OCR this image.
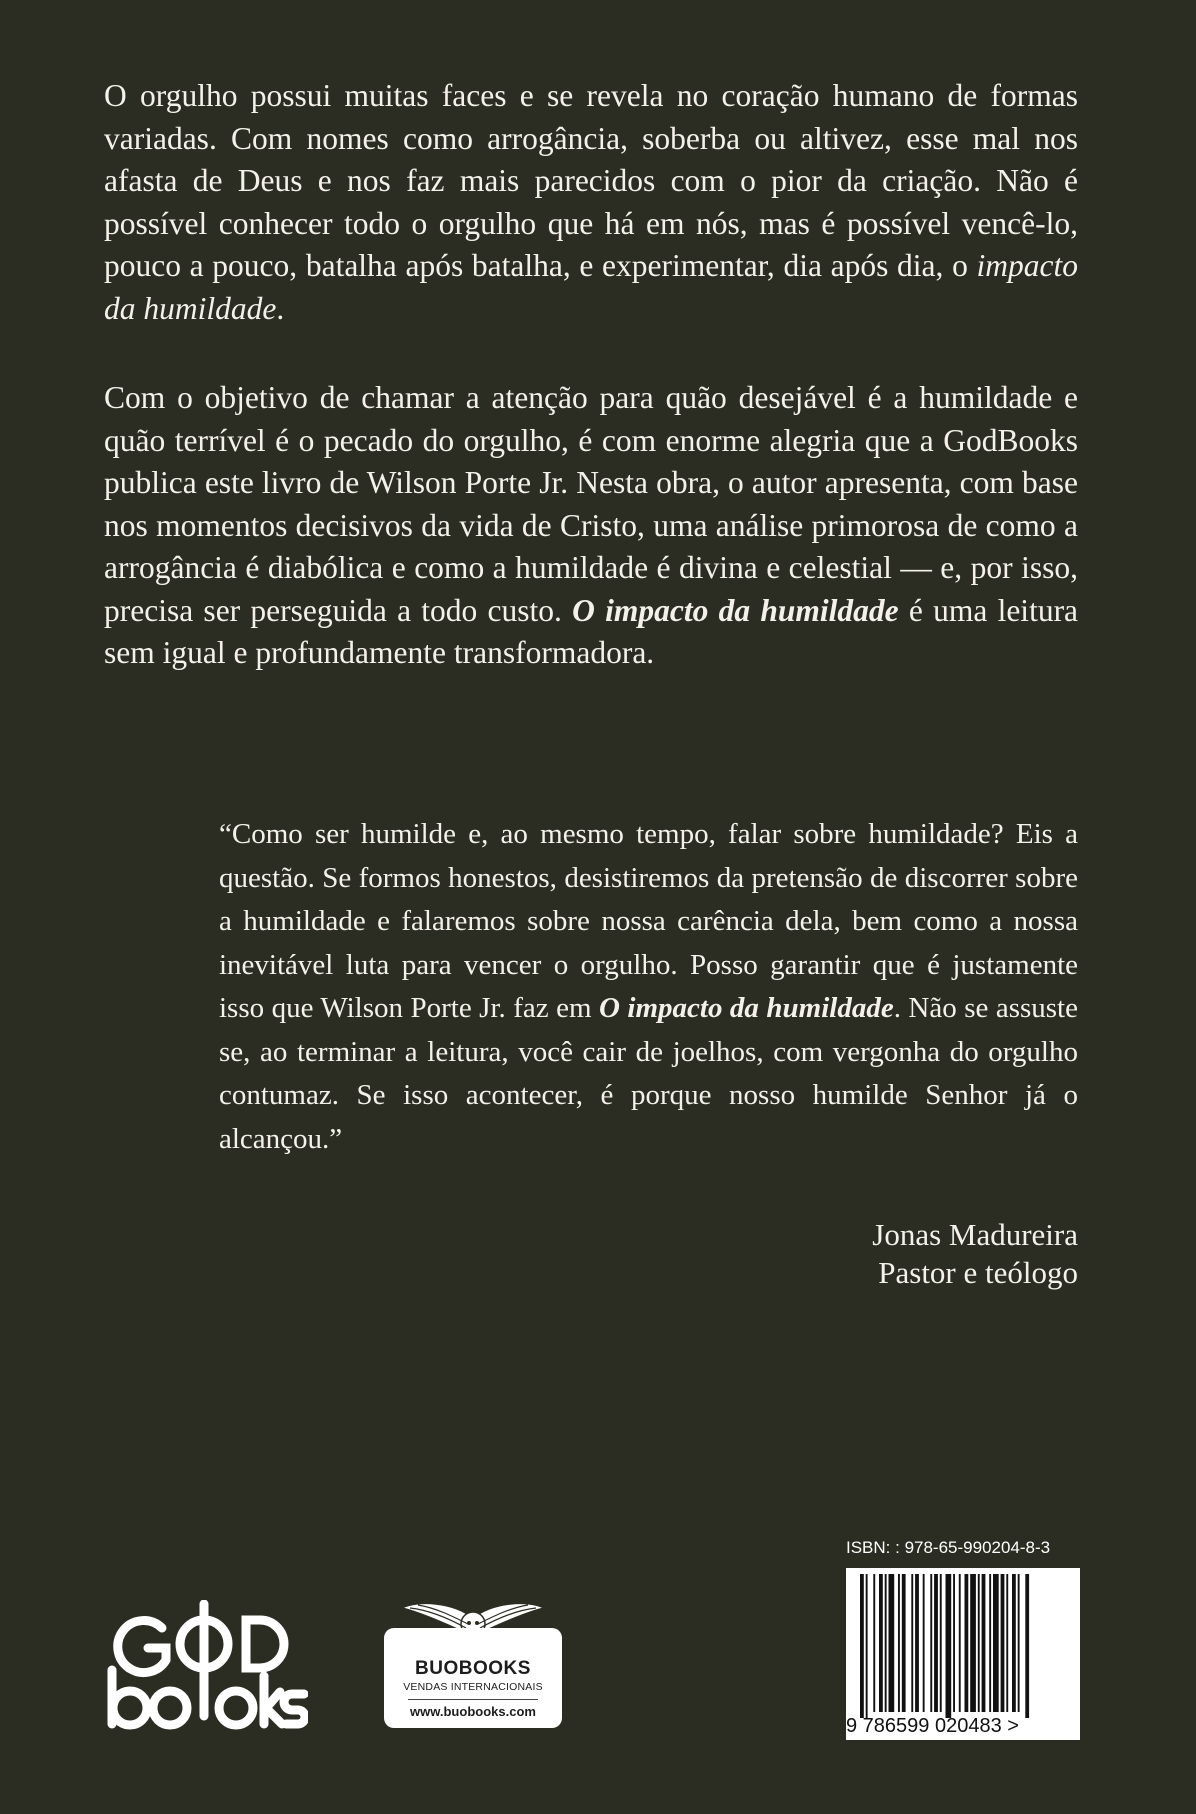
O orgulho possui muitas faces e se revela no coração humano de formas variadas. Com nomes como arrogância, soberba ou altivez, esse mal nos afasta de Deus e nos faz mais parecidos com o pior da criação. Não é possível conhecer todo o orgulho que há em nós, mas é possível vencê-lo, pouco a pouco, batalha após batalha, e experimentar, dia após dia, o impacto da humildade.

Com o objetivo de chamar a atenção para quão desejável é a humildade e quão terrível é o pecado do orgulho, é com enorme alegria que a GodBooks publica este livro de Wilson Porte Jr. Nesta obra, o autor apresenta, com base nos momentos decisivos da vida de Cristo, uma análise primorosa de como a arrogância é diabólica e como a humildade é divina e celestial — e, por isso, precisa ser perseguida a todo custo. O impacto da humildade é uma leitura sem igual e profundamente transformadora.

“Como ser humilde e, ao mesmo tempo, falar sobre humildade? Eis a questão. Se formos honestos, desistiremos da pretensão de discorrer sobre a humildade e falaremos sobre nossa carência dela, bem como a nossa inevitável luta para vencer o orgulho. Posso garantir que é justamente isso que Wilson Porte Jr. faz em O impacto da humildade. Não se assuste se, ao terminar a leitura, você cair de joelhos, com vergonha do orgulho contumaz. Se isso acontecer, é porque nosso humilde Senhor já o alcançou.”

Jonas Madureira
Pastor e teólogo
BUOBOOKS
VENDAS INTERNACIONAIS
www.buobooks.com
ISBN: : 978-65-990204-8-3
9 786599 020483 >
